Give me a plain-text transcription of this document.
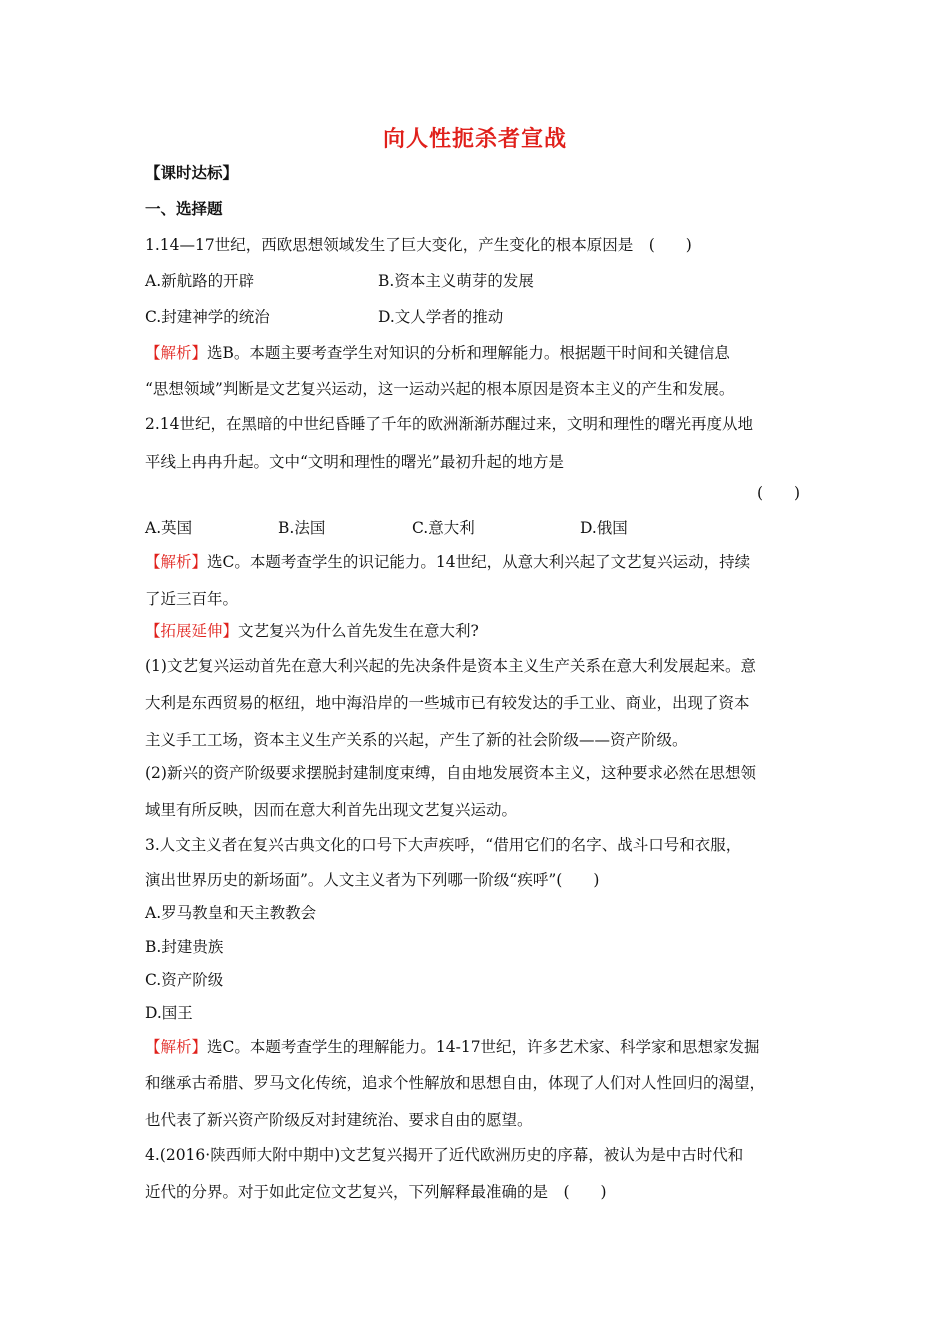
向人性扼杀者宣战
【课时达标】
一、选择题
1.14—17世纪，西欧思想领域发生了巨大变化，产生变化的根本原因是　(　　)
A.新航路的开辟	B.资本主义萌芽的发展
C.封建神学的统治	D.文人学者的推动
【解析】选B。本题主要考查学生对知识的分析和理解能力。根据题干时间和关键信息
“思想领域”判断是文艺复兴运动，这一运动兴起的根本原因是资本主义的产生和发展。
2.14世纪，在黑暗的中世纪昏睡了千年的欧洲渐渐苏醒过来，文明和理性的曙光再度从地
平线上冉冉升起。文中“文明和理性的曙光”最初升起的地方是
(　　)
A.英国	B.法国	C.意大利	D.俄国
【解析】选C。本题考查学生的识记能力。14世纪，从意大利兴起了文艺复兴运动，持续
了近三百年。
【拓展延伸】文艺复兴为什么首先发生在意大利?
(1)文艺复兴运动首先在意大利兴起的先决条件是资本主义生产关系在意大利发展起来。意
大利是东西贸易的枢纽，地中海沿岸的一些城市已有较发达的手工业、商业，出现了资本
主义手工工场，资本主义生产关系的兴起，产生了新的社会阶级——资产阶级。
(2)新兴的资产阶级要求摆脱封建制度束缚，自由地发展资本主义，这种要求必然在思想领
域里有所反映，因而在意大利首先出现文艺复兴运动。
3.人文主义者在复兴古典文化的口号下大声疾呼，“借用它们的名字、战斗口号和衣服，
演出世界历史的新场面”。人文主义者为下列哪一阶级“疾呼”(　　)
A.罗马教皇和天主教教会
B.封建贵族
C.资产阶级
D.国王
【解析】选C。本题考查学生的理解能力。14-17世纪，许多艺术家、科学家和思想家发掘
和继承古希腊、罗马文化传统，追求个性解放和思想自由，体现了人们对人性回归的渴望，
也代表了新兴资产阶级反对封建统治、要求自由的愿望。
4.(2016·陕西师大附中期中)文艺复兴揭开了近代欧洲历史的序幕，被认为是中古时代和
近代的分界。对于如此定位文艺复兴，下列解释最准确的是　(　　)
